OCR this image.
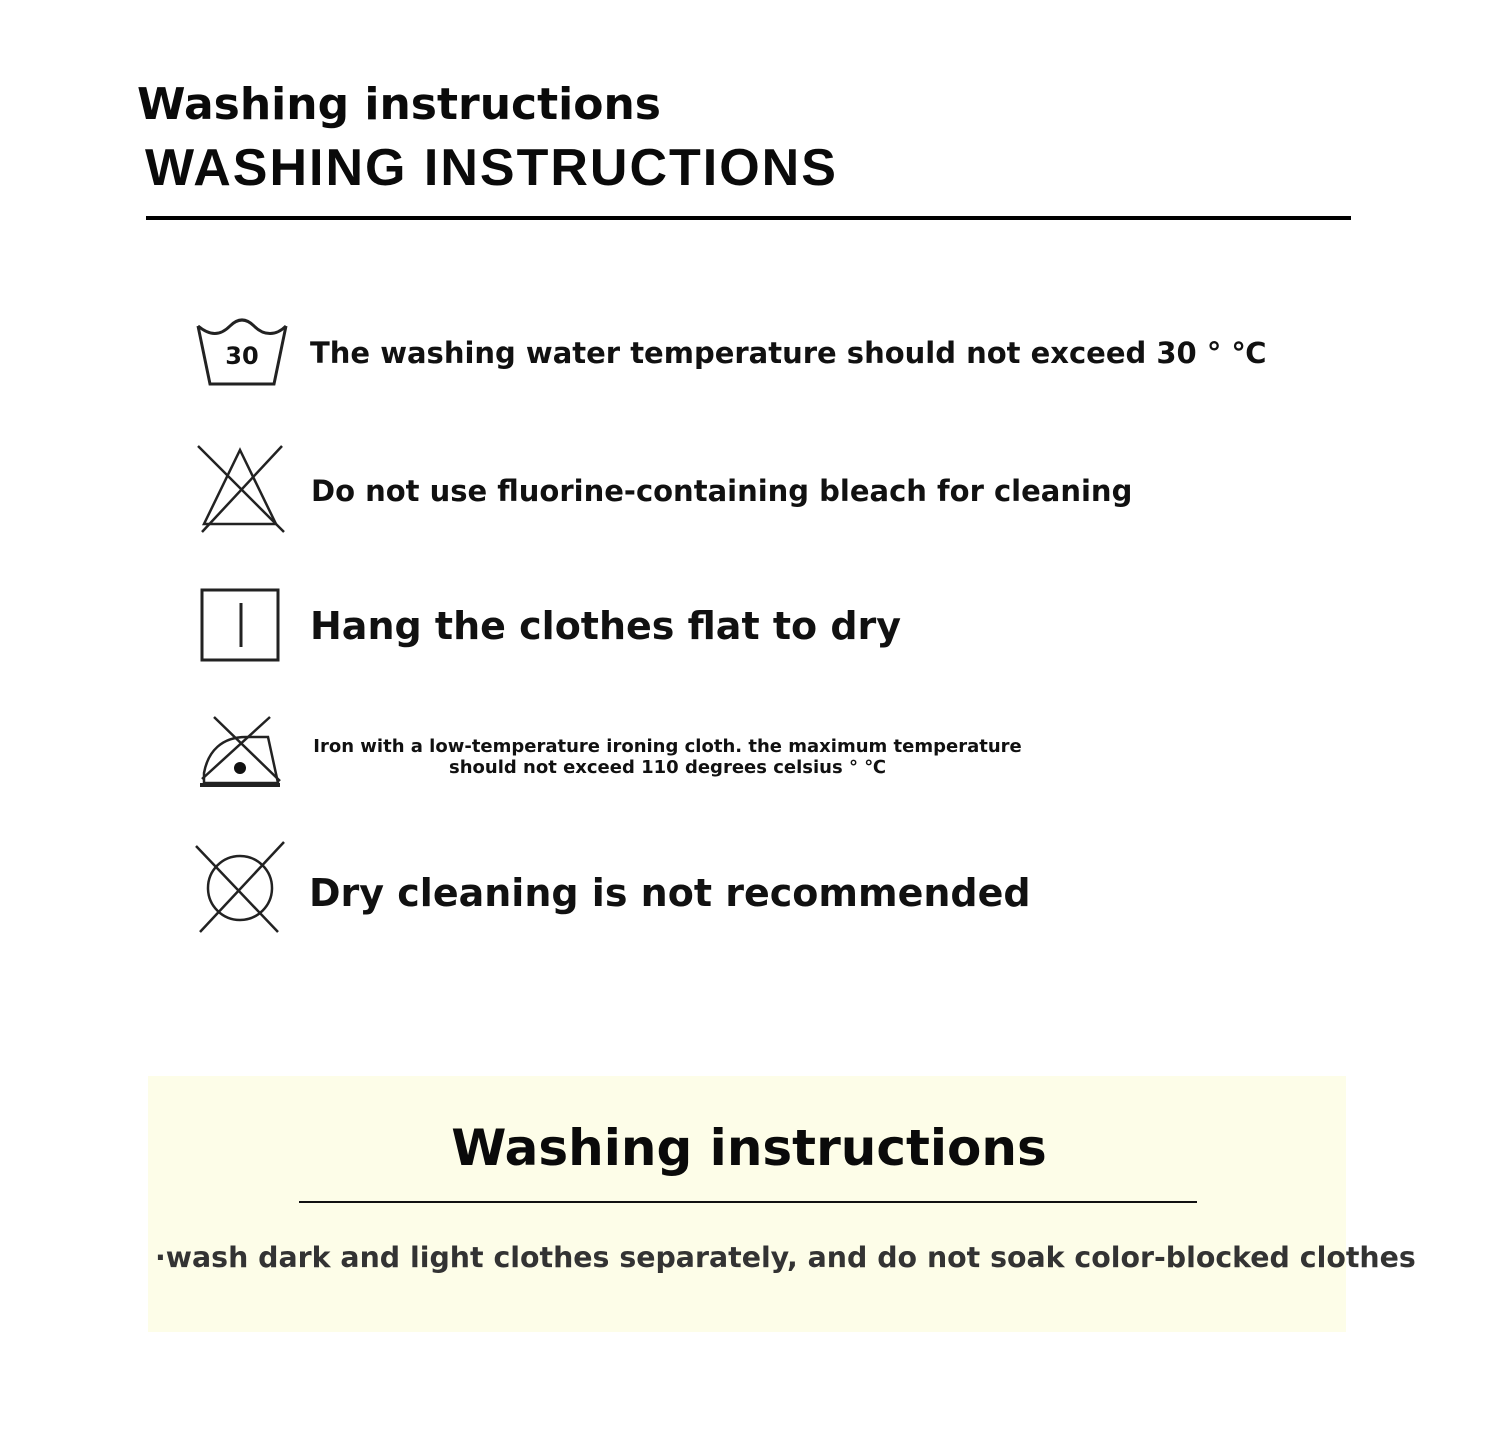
Washing instructions
WASHING INSTRUCTIONS
30 The washing water temperature should not exceed 30 ° ℃

Do not use fluorine-containing bleach for cleaning

Hang the clothes flat to dry

Iron with a low-temperature ironing cloth. the maximum temperature should not exceed 110 degrees celsius ° ℃

Dry cleaning is not recommended

Washing instructions

·wash dark and light clothes separately, and do not soak color-blocked clothes
